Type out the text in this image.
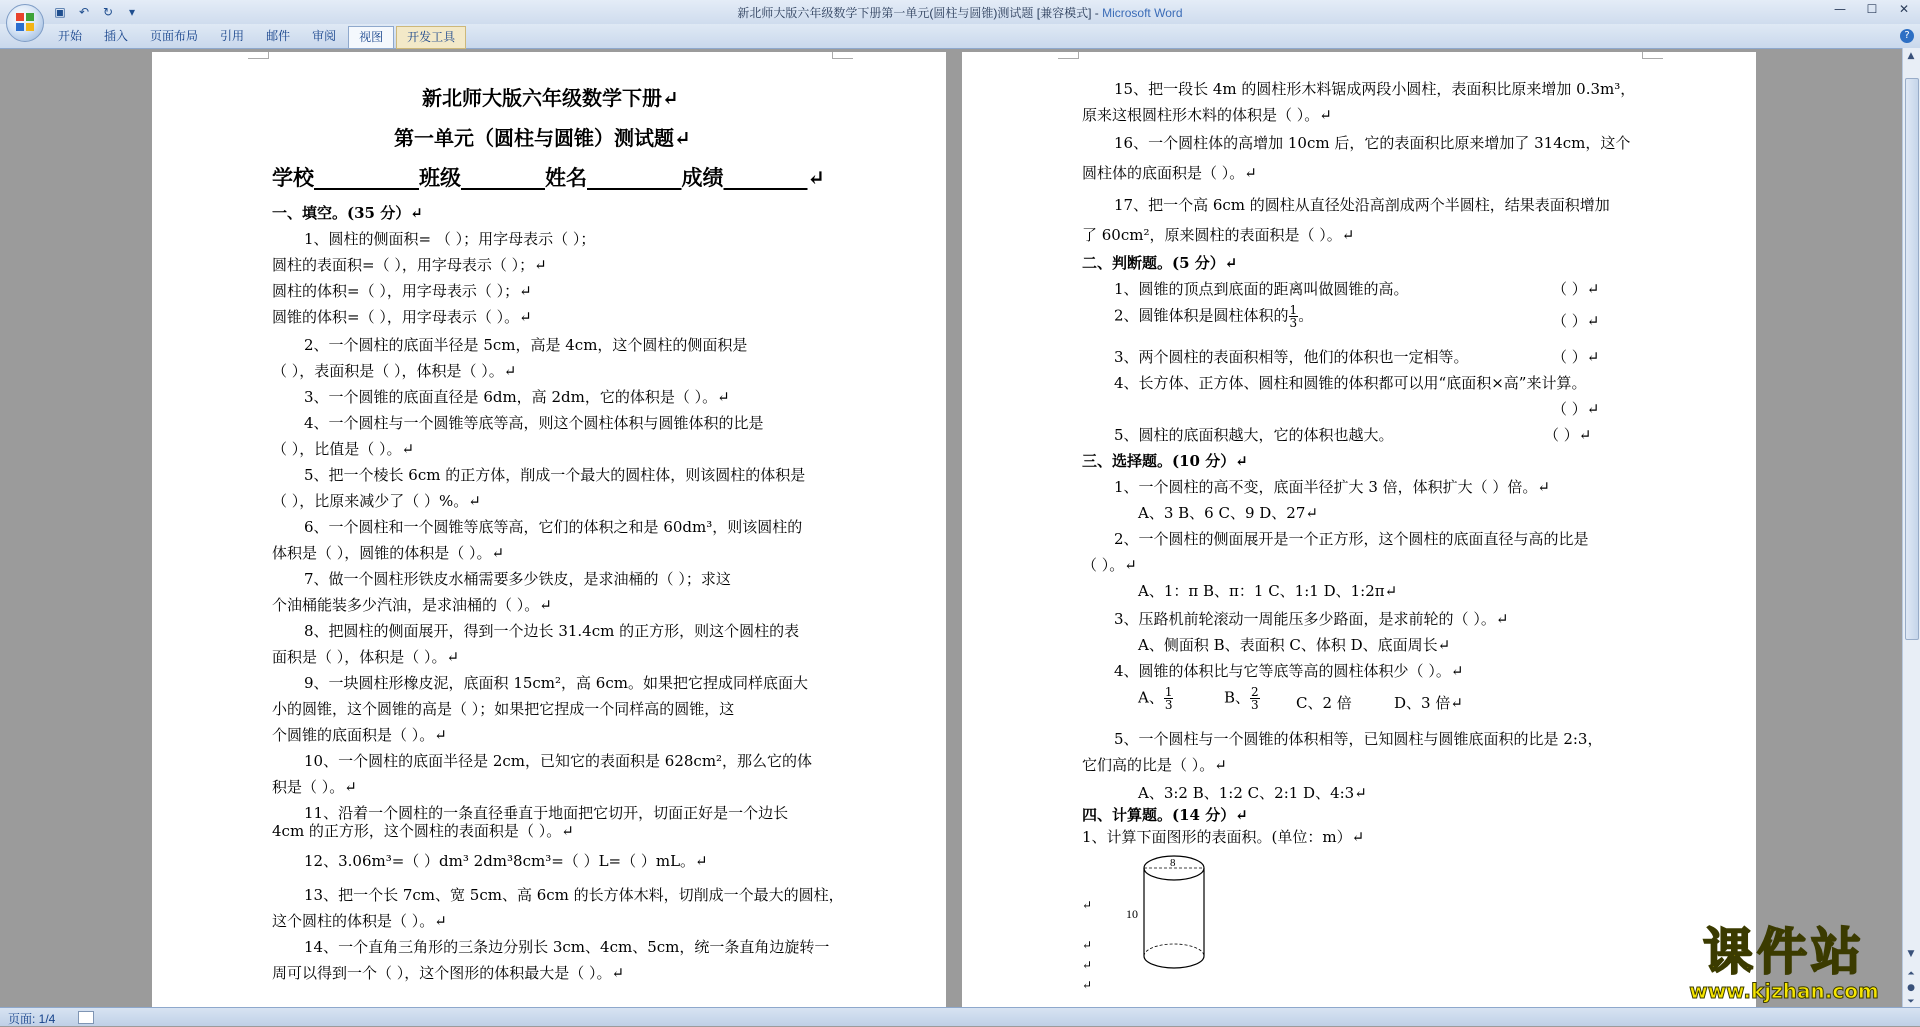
▣ ↶ ↻	▾	新北师大版六年级数学下册第一单元(圆柱与圆锥)测试题 [兼容模式] - Microsoft Word	— ☐ ✕
开始	插入	页面布局	引用	邮件	审阅	视图	开发工具	?
新北师大版六年级数学下册↵
第一单元（圆柱与圆锥）测试题↵
学校__________班级________姓名_________成绩________↵
一、填空。(35 分）↵
1、圆柱的侧面积= （ ）；用字母表示（ ）；
圆柱的表面积=（ ），用字母表示（ ）；↵
圆柱的体积=（ ），用字母表示（ ）；↵
圆锥的体积=（ ），用字母表示（ ）。↵
2、一个圆柱的底面半径是 5cm，高是 4cm，这个圆柱的侧面积是
（ ），表面积是（ ），体积是（ ）。↵
3、一个圆锥的底面直径是 6dm，高 2dm，它的体积是（ ）。↵
4、一个圆柱与一个圆锥等底等高，则这个圆柱体积与圆锥体积的比是
（ ），比值是（ ）。↵
5、把一个棱长 6cm 的正方体，削成一个最大的圆柱体，则该圆柱的体积是
（ ），比原来减少了（ ）%。↵
6、一个圆柱和一个圆锥等底等高，它们的体积之和是 60dm³，则该圆柱的
体积是（ ），圆锥的体积是（ ）。↵
7、做一个圆柱形铁皮水桶需要多少铁皮，是求油桶的（ ）；求这
个油桶能装多少汽油，是求油桶的（ ）。↵
8、把圆柱的侧面展开，得到一个边长 31.4cm 的正方形，则这个圆柱的表
面积是（ ），体积是（ ）。↵
9、一块圆柱形橡皮泥，底面积 15cm²，高 6cm。如果把它捏成同样底面大
小的圆锥，这个圆锥的高是（ ）；如果把它捏成一个同样高的圆锥，这
个圆锥的底面积是（ ）。↵
10、一个圆柱的底面半径是 2cm，已知它的表面积是 628cm²，那么它的体
积是（ ）。↵
11、沿着一个圆柱的一条直径垂直于地面把它切开，切面正好是一个边长
4cm 的正方形，这个圆柱的表面积是（ ）。↵
12、3.06m³=（ ）dm³ 2dm³8cm³=（ ）L=（ ）mL。↵
13、把一个长 7cm、宽 5cm、高 6cm 的长方体木料，切削成一个最大的圆柱，
这个圆柱的体积是（ ）。↵
14、一个直角三角形的三条边分别长 3cm、4cm、5cm，统一条直角边旋转一
周可以得到一个（ ），这个图形的体积最大是（ ）。↵
15、把一段长 4m 的圆柱形木料锯成两段小圆柱，表面积比原来增加 0.3m³，
原来这根圆柱形木料的体积是（ ）。↵
16、一个圆柱体的高增加 10cm 后，它的表面积比原来增加了 314cm，这个
圆柱体的底面积是（ ）。↵
17、把一个高 6cm 的圆柱从直径处沿高剖成两个半圆柱，结果表面积增加
了 60cm²，原来圆柱的表面积是（ ）。↵
二、判断题。(5 分）↵
1、圆锥的顶点到底面的距离叫做圆锥的高。	（ ）↵
2、圆锥体积是圆柱体积的 $\frac{1}{3}$ 。	（ ）↵
3、两个圆柱的表面积相等，他们的体积也一定相等。	（ ）↵
4、长方体、正方体、圆柱和圆锥的体积都可以用“底面积×高”来计算。
（ ）↵
5、圆柱的底面积越大，它的体积也越大。	（ ）↵
三、选择题。(10 分）↵
1、一个圆柱的高不变，底面半径扩大 3 倍，体积扩大（ ）倍。↵
A、3 B、6 C、9 D、27↵
2、一个圆柱的侧面展开是一个正方形，这个圆柱的底面直径与高的比是
（ ）。↵
A、1：π B、π：1 C、1:1 D、1:2π↵
3、压路机前轮滚动一周能压多少路面，是求前轮的（ ）。↵
A、侧面积 B、表面积 C、体积 D、底面周长↵
4、圆锥的体积比与它等底等高的圆柱体积少（ ）。↵
A、 $\frac{1}{3}$	B、 $\frac{2}{3}$ C、2 倍	D、3 倍↵
5、一个圆柱与一个圆锥的体积相等，已知圆柱与圆锥底面积的比是 2:3，
它们高的比是（ ）。↵
A、3:2 B、1:2 C、2:1 D、4:3↵
四、计算题。(14 分）↵
1、计算下面图形的表面积。(单位：m）↵
↵
↵
↵
↵
8
10
▲
▼
⏶
●
⏷
页面: 1/4
课件站
www.kjzhan.com
